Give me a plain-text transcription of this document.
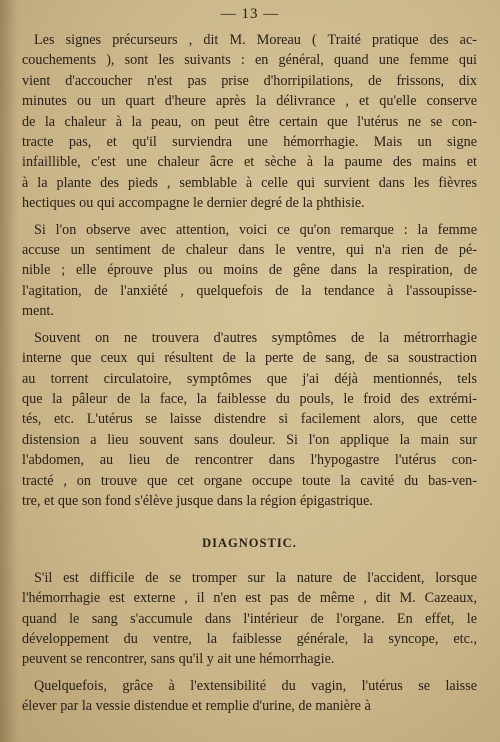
— 13 —
Les signes précurseurs , dit M. Moreau ( Traité pratique des ac-
couchements ), sont les suivants : en général, quand une femme qui
vient d'accoucher n'est pas prise d'horripilations, de frissons, dix
minutes ou un quart d'heure après la délivrance , et qu'elle conserve
de la chaleur à la peau, on peut être certain que l'utérus ne se con-
tracte pas, et qu'il surviendra une hémorrhagie. Mais un signe
infaillible, c'est une chaleur âcre et sèche à la paume des mains et
à la plante des pieds , semblable à celle qui survient dans les fièvres
hectiques ou qui accompagne le dernier degré de la phthisie.
Si l'on observe avec attention, voici ce qu'on remarque : la femme
accuse un sentiment de chaleur dans le ventre, qui n'a rien de pé-
nible ; elle éprouve plus ou moins de gêne dans la respiration, de
l'agitation, de l'anxiété , quelquefois de la tendance à l'assoupisse-
ment.
Souvent on ne trouvera d'autres symptômes de la métrorrhagie
interne que ceux qui résultent de la perte de sang, de sa soustraction
au torrent circulatoire, symptômes que j'ai déjà mentionnés, tels
que la pâleur de la face, la faiblesse du pouls, le froid des extrémi-
tés, etc. L'utérus se laisse distendre si facilement alors, que cette
distension a lieu souvent sans douleur. Si l'on applique la main sur
l'abdomen, au lieu de rencontrer dans l'hypogastre l'utérus con-
tracté , on trouve que cet organe occupe toute la cavité du bas-ven-
tre, et que son fond s'élève jusque dans la région épigastrique.
DIAGNOSTIC.
S'il est difficile de se tromper sur la nature de l'accident, lorsque
l'hémorrhagie est externe , il n'en est pas de même , dit M. Cazeaux,
quand le sang s'accumule dans l'intérieur de l'organe. En effet, le
développement du ventre, la faiblesse générale, la syncope, etc.,
peuvent se rencontrer, sans qu'il y ait une hémorrhagie.
Quelquefois, grâce à l'extensibilité du vagin, l'utérus se laisse
élever par la vessie distendue et remplie d'urine, de manière à
